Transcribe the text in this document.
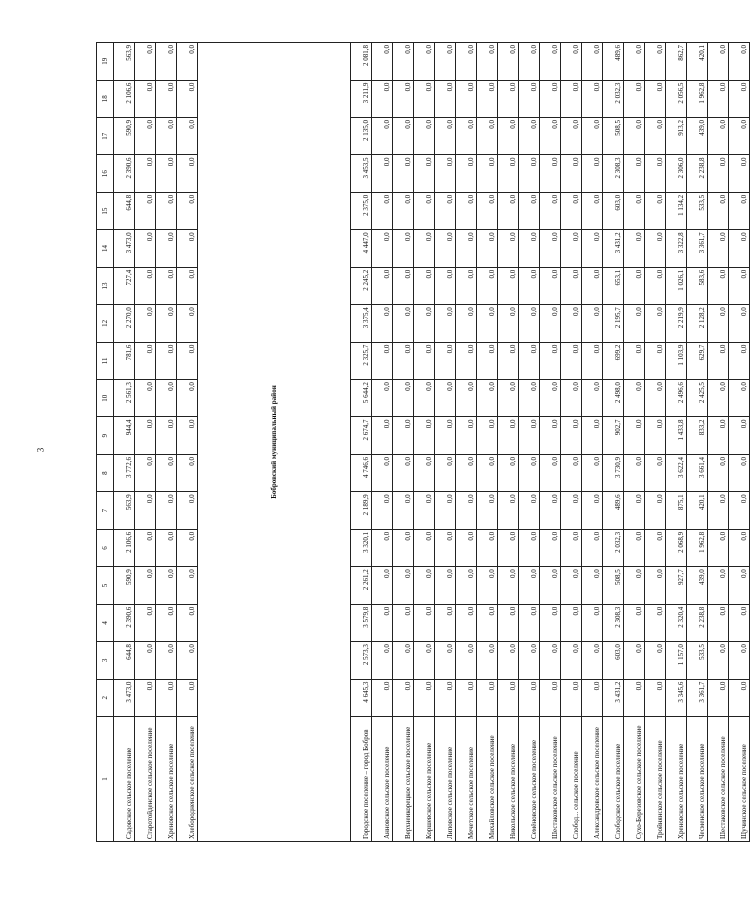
3
1	2	3	4	5	6	7	8	9	10	11	12	13	14	15	16	17	18	19
Садовское сельское поселение	3 473,0	644,8	2 390,6	590,9	2 106,6	563,9	3 772,6	944,4	2 561,3	781,6	2 270,0	727,4	3 473,0	644,8	2 390,6	590,9	2 106,6	563,9
Старотойденское сельское поселение	0,0	0,0	0,0	0,0	0,0	0,0	0,0	0,0	0,0	0,0	0,0	0,0	0,0	0,0	0,0	0,0	0,0	0,0
Хреновское сельское поселение	0,0	0,0	0,0	0,0	0,0	0,0	0,0	0,0	0,0	0,0	0,0	0,0	0,0	0,0	0,0	0,0	0,0	0,0
Хлебородненское сельское поселение	0,0	0,0	0,0	0,0	0,0	0,0	0,0	0,0	0,0	0,0	0,0	0,0	0,0	0,0	0,0	0,0	0,0	0,0
Бобровский муниципальный район																		
Городское поселение – город Бобров	4 645,3	2 573,3	3 579,8	2 261,2	3 320,1	2 189,9	4 746,6	2 674,7	5 644,2	2 325,7	3 375,4	2 245,2	4 447,0	2 375,0	3 453,5	2 135,0	3 211,9	2 081,8
Анновское сельское поселение	0,0	0,0	0,0	0,0	0,0	0,0	0,0	0,0	0,0	0,0	0,0	0,0	0,0	0,0	0,0	0,0	0,0	0,0
Верхнеикорецкое сельское поселение	0,0	0,0	0,0	0,0	0,0	0,0	0,0	0,0	0,0	0,0	0,0	0,0	0,0	0,0	0,0	0,0	0,0	0,0
Коршевское сельское поселение	0,0	0,0	0,0	0,0	0,0	0,0	0,0	0,0	0,0	0,0	0,0	0,0	0,0	0,0	0,0	0,0	0,0	0,0
Липовское сельское поселение	0,0	0,0	0,0	0,0	0,0	0,0	0,0	0,0	0,0	0,0	0,0	0,0	0,0	0,0	0,0	0,0	0,0	0,0
Мечетское сельское поселение	0,0	0,0	0,0	0,0	0,0	0,0	0,0	0,0	0,0	0,0	0,0	0,0	0,0	0,0	0,0	0,0	0,0	0,0
Михайловское сельское поселение	0,0	0,0	0,0	0,0	0,0	0,0	0,0	0,0	0,0	0,0	0,0	0,0	0,0	0,0	0,0	0,0	0,0	0,0
Никольское сельское поселение	0,0	0,0	0,0	0,0	0,0	0,0	0,0	0,0	0,0	0,0	0,0	0,0	0,0	0,0	0,0	0,0	0,0	0,0
Семёновское сельское поселение	0,0	0,0	0,0	0,0	0,0	0,0	0,0	0,0	0,0	0,0	0,0	0,0	0,0	0,0	0,0	0,0	0,0	0,0
Шестаковское сельское поселение	0,0	0,0	0,0	0,0	0,0	0,0	0,0	0,0	0,0	0,0	0,0	0,0	0,0	0,0	0,0	0,0	0,0	0,0
Слобод... сельское поселение	0,0	0,0	0,0	0,0	0,0	0,0	0,0	0,0	0,0	0,0	0,0	0,0	0,0	0,0	0,0	0,0	0,0	0,0
Александровское сельское поселение	0,0	0,0	0,0	0,0	0,0	0,0	0,0	0,0	0,0	0,0	0,0	0,0	0,0	0,0	0,0	0,0	0,0	0,0
Слободское сельское поселение	3 431,2	603,0	2 308,3	508,5	2 032,3	489,6	3 730,9	902,7	2 498,0	699,2	2 195,7	653,1	3 431,2	603,0	2 308,3	508,5	2 032,3	489,6
Сухо-Березовское сельское поселение	0,0	0,0	0,0	0,0	0,0	0,0	0,0	0,0	0,0	0,0	0,0	0,0	0,0	0,0	0,0	0,0	0,0	0,0
Тройнянское сельское поселение	0,0	0,0	0,0	0,0	0,0	0,0	0,0	0,0	0,0	0,0	0,0	0,0	0,0	0,0	0,0	0,0	0,0	0,0
Хреновское сельское поселение	3 345,6	1 157,0	2 320,4	927,7	2 068,9	875,1	3 622,4	1 433,8	2 496,6	1 103,9	2 219,9	1 026,1	3 322,8	1 134,2	2 306,0	913,2	2 056,5	862,7
Чесменское сельское поселение	3 361,7	533,5	2 238,8	439,0	1 962,8	420,1	3 661,4	833,2	2 425,5	629,7	2 128,2	583,6	3 361,7	533,5	2 238,8	439,0	1 962,8	420,1
Шестаковское сельское поселение	0,0	0,0	0,0	0,0	0,0	0,0	0,0	0,0	0,0	0,0	0,0	0,0	0,0	0,0	0,0	0,0	0,0	0,0
Щучинское сельское поселение	0,0	0,0	0,0	0,0	0,0	0,0	0,0	0,0	0,0	0,0	0,0	0,0	0,0	0,0	0,0	0,0	0,0	0,0
